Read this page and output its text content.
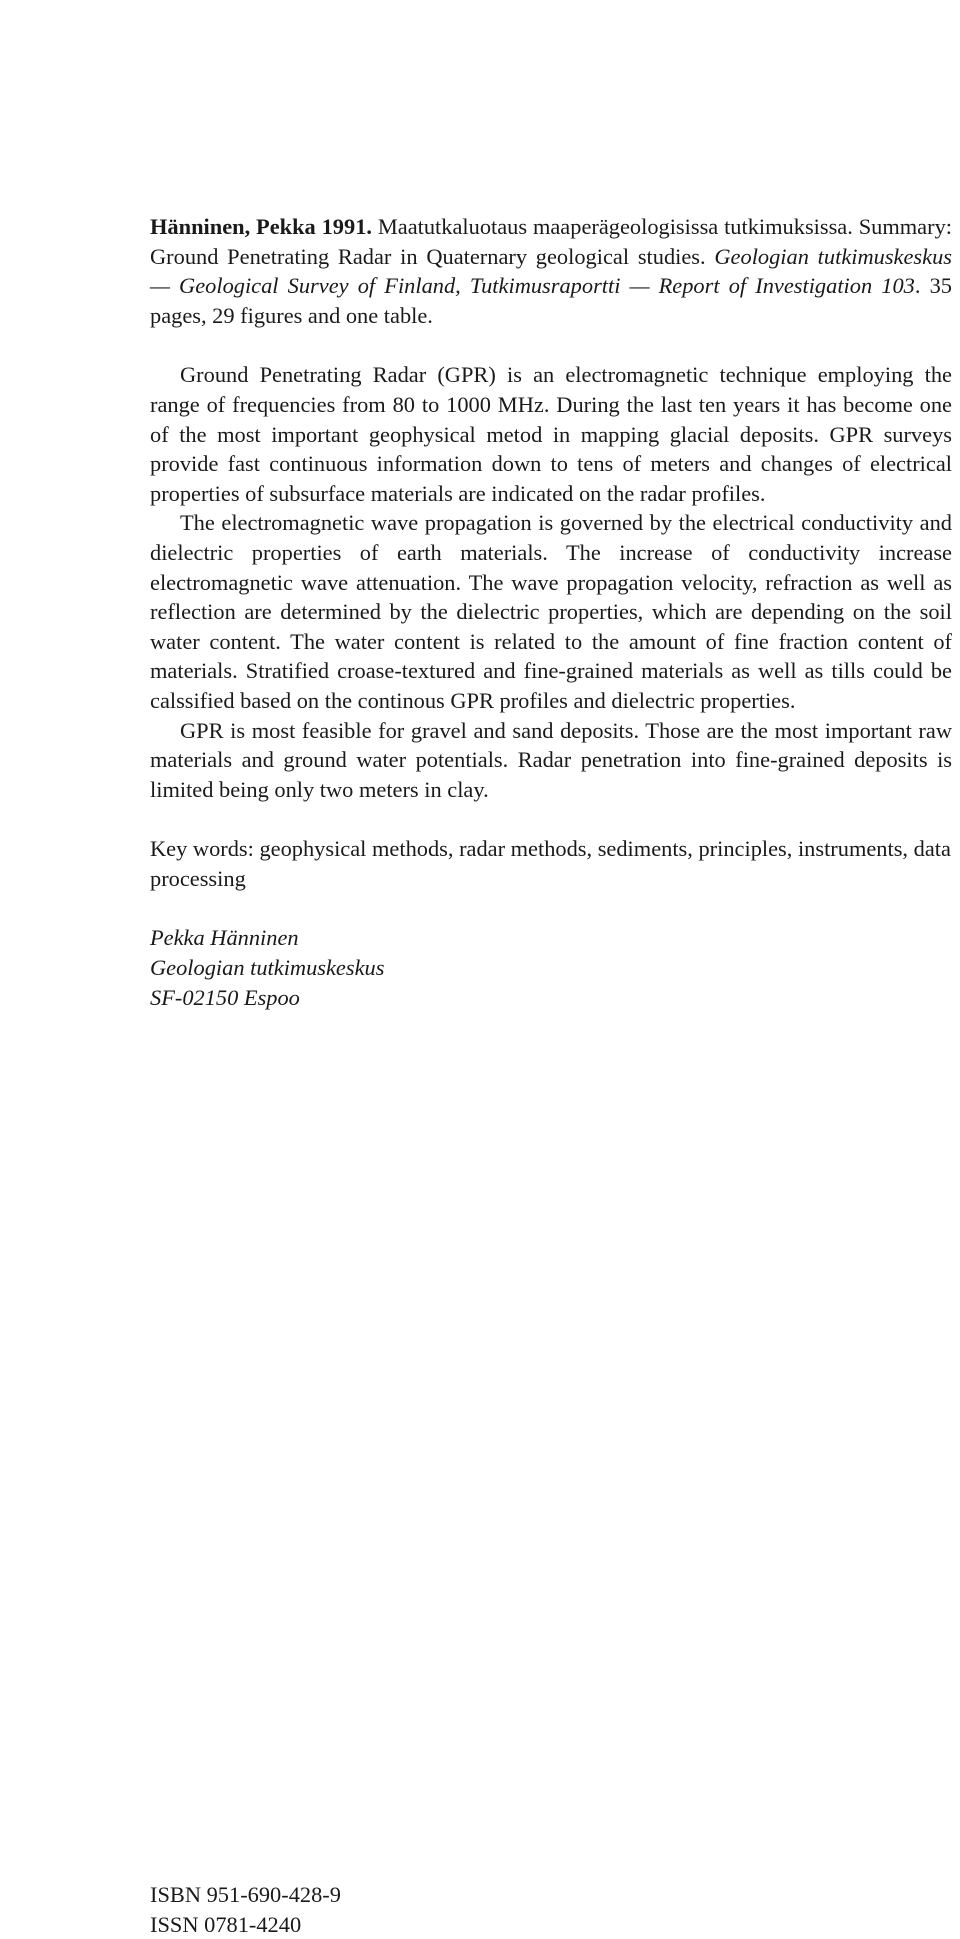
Hänninen, Pekka 1991. Maatutkaluotaus maaperägeologisissa tutkimuksissa. Summary: Ground Penetrating Radar in Quaternary geological studies. Geologian tutkimuskeskus — Geological Survey of Finland, Tutkimusraportti — Report of Investigation 103. 35 pages, 29 figures and one table.

Ground Penetrating Radar (GPR) is an electromagnetic technique employing the range of frequencies from 80 to 1000 MHz. During the last ten years it has become one of the most important geophysical metod in mapping glacial deposits. GPR surveys provide fast continuous information down to tens of meters and changes of electrical properties of subsurface materials are indicated on the radar profiles.

The electromagnetic wave propagation is governed by the electrical conductivity and dielectric properties of earth materials. The increase of conductivity increase electromagnetic wave attenuation. The wave propagation velocity, refraction as well as reflection are determined by the dielectric properties, which are depending on the soil water content. The water content is related to the amount of fine fraction content of materials. Stratified croase-textured and fine-grained materials as well as tills could be calssified based on the continous GPR profiles and dielectric properties.

GPR is most feasible for gravel and sand deposits. Those are the most important raw materials and ground water potentials. Radar penetration into fine-grained deposits is limited being only two meters in clay.

Key words: geophysical methods, radar methods, sediments, principles, instruments, data processing

Pekka Hänninen
Geologian tutkimuskeskus
SF-02150 Espoo
ISBN 951-690-428-9
ISSN 0781-4240
